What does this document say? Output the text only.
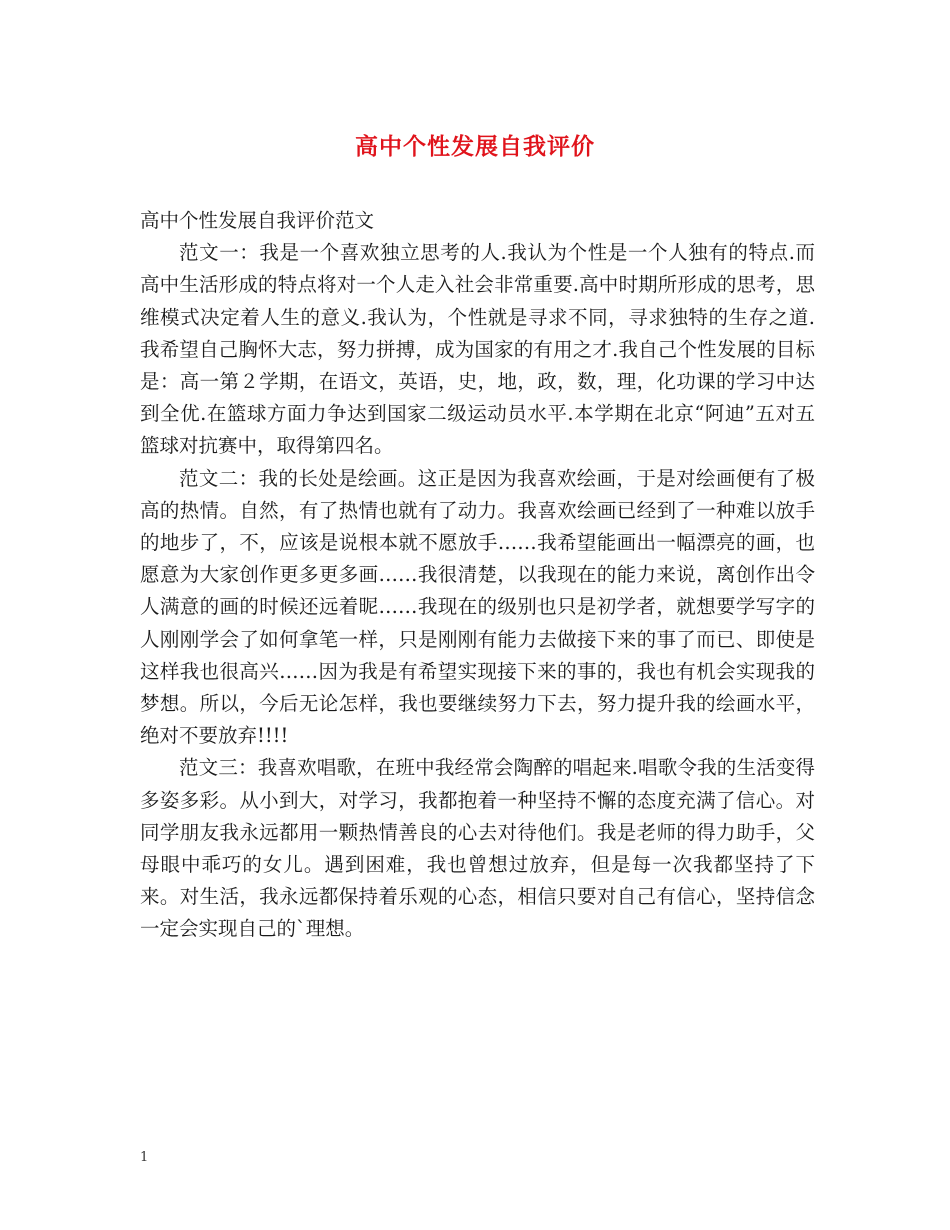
高中个性发展自我评价

高中个性发展自我评价范文

范文一：我是一个喜欢独立思考的人.我认为个性是一个人独有的特点.而高中生活形成的特点将对一个人走入社会非常重要.高中时期所形成的思考，思维模式决定着人生的意义.我认为，个性就是寻求不同，寻求独特的生存之道.我希望自己胸怀大志，努力拼搏，成为国家的有用之才.我自己个性发展的目标是：高一第２学期，在语文，英语，史，地，政，数，理，化功课的学习中达到全优.在篮球方面力争达到国家二级运动员水平.本学期在北京“阿迪”五对五篮球对抗赛中，取得第四名。

范文二：我的长处是绘画。这正是因为我喜欢绘画，于是对绘画便有了极高的热情。自然，有了热情也就有了动力。我喜欢绘画已经到了一种难以放手的地步了，不，应该是说根本就不愿放手……我希望能画出一幅漂亮的画，也愿意为大家创作更多更多画……我很清楚，以我现在的能力来说，离创作出令人满意的画的时候还远着昵……我现在的级别也只是初学者，就想要学写字的人刚刚学会了如何拿笔一样，只是刚刚有能力去做接下来的事了而已、即使是这样我也很高兴……因为我是有希望实现接下来的事的，我也有机会实现我的梦想。所以，今后无论怎样，我也要继续努力下去，努力提升我的绘画水平，绝对不要放弃!!!!

范文三：我喜欢唱歌，在班中我经常会陶醉的唱起来.唱歌令我的生活变得多姿多彩。从小到大，对学习，我都抱着一种坚持不懈的态度充满了信心。对同学朋友我永远都用一颗热情善良的心去对待他们。我是老师的得力助手，父母眼中乖巧的女儿。遇到困难，我也曾想过放弃，但是每一次我都坚持了下来。对生活，我永远都保持着乐观的心态，相信只要对自己有信心，坚持信念一定会实现自己的`理想。

1
